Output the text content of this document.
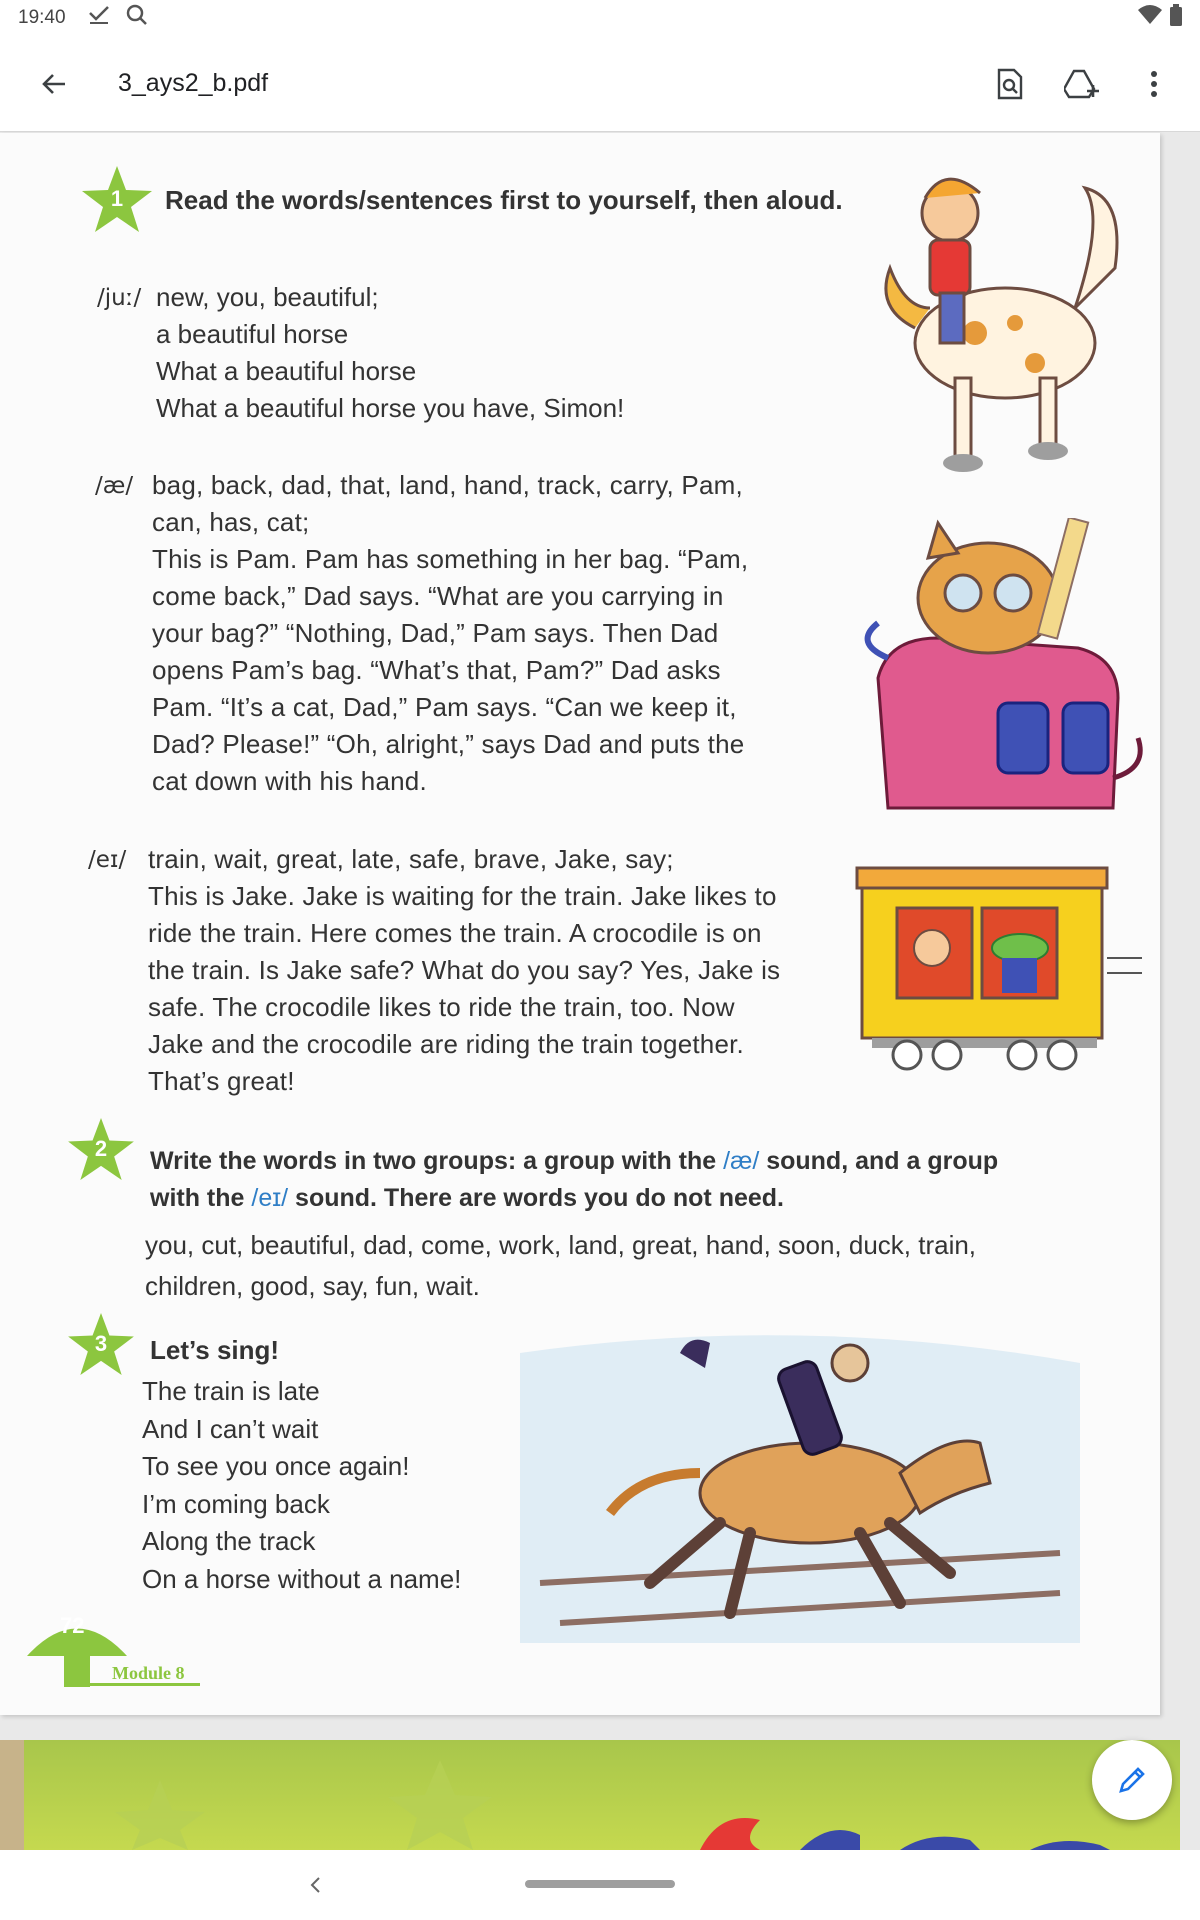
19:40
3_ays2_b.pdf
1	Read the words/sentences first to yourself, then aloud.
/juː/ new, you, beautiful;
a beautiful horse
What a beautiful horse
What a beautiful horse you have, Simon!
/æ/ bag, back, dad, that, land, hand, track, carry, Pam,
can, has, cat;
This is Pam. Pam has something in her bag. “Pam,
come back,” Dad says. “What are you carrying in
your bag?” “Nothing, Dad,” Pam says. Then Dad
opens Pam’s bag. “What’s that, Pam?” Dad asks
Pam. “It’s a cat, Dad,” Pam says. “Can we keep it,
Dad? Please!” “Oh, alright,” says Dad and puts the
cat down with his hand.
/eɪ/ train, wait, great, late, safe, brave, Jake, say;
This is Jake. Jake is waiting for the train. Jake likes to
ride the train. Here comes the train. A crocodile is on
the train. Is Jake safe? What do you say? Yes, Jake is
safe. The crocodile likes to ride the train, too. Now
Jake and the crocodile are riding the train together.
That’s great!
2	Write the words in two groups: a group with the /æ/ sound, and a group
with the /eɪ/ sound. There are words you do not need.
you, cut, beautiful, dad, come, work, land, great, hand, soon, duck, train,
children, good, say, fun, wait.
3	Let’s sing!
The train is late
And I can’t wait
To see you once again!
I’m coming back
Along the track
On a horse without a name!
72
Module 8
